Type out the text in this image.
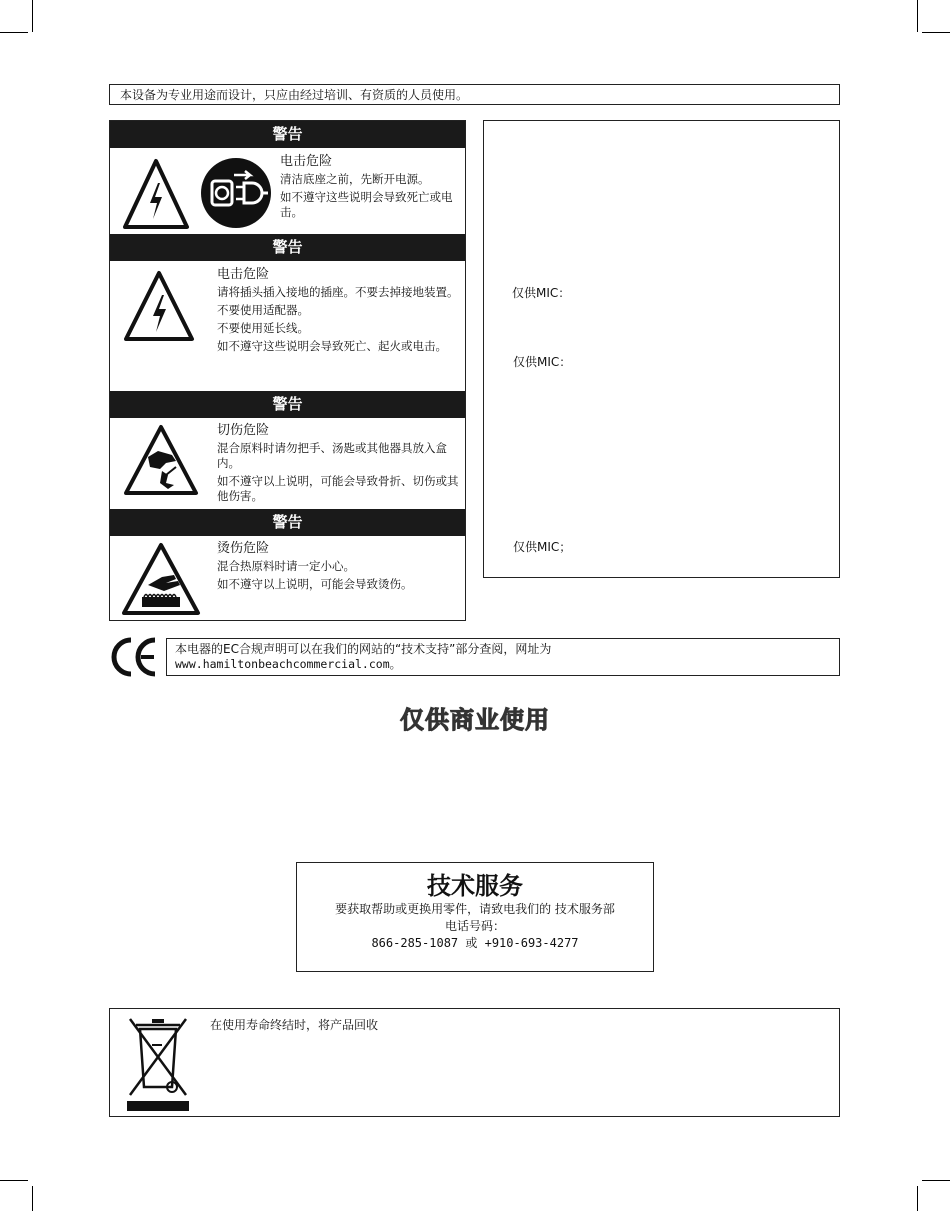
本设备为专业用途而设计，只应由经过培训、有资质的人员使用。
警告
电击危险

清洁底座之前，先断开电源。

如不遵守这些说明会导致死亡或电击。

警告
电击危险

请将插头插入接地的插座。不要去掉接地装置。

不要使用适配器。

不要使用延长线。

如不遵守这些说明会导致死亡、起火或电击。

警告
切伤危险

混合原料时请勿把手、汤匙或其他器具放入盒内。

如不遵守以上说明，可能会导致骨折、切伤或其他伤害。

警告
烫伤危险

混合热原料时请一定小心。

如不遵守以上说明，可能会导致烫伤。

仅供MIC：
仅供MIC：
仅供MIC；
本电器的EC合规声明可以在我们的网站的“技术支持”部分查阅，网址为
www.hamiltonbeachcommercial.com。
仅供商业使用
技术服务
要获取帮助或更换用零件，请致电我们的 技术服务部
电话号码：
866-285-1087 或 +910-693-4277
在使用寿命终结时，将产品回收
